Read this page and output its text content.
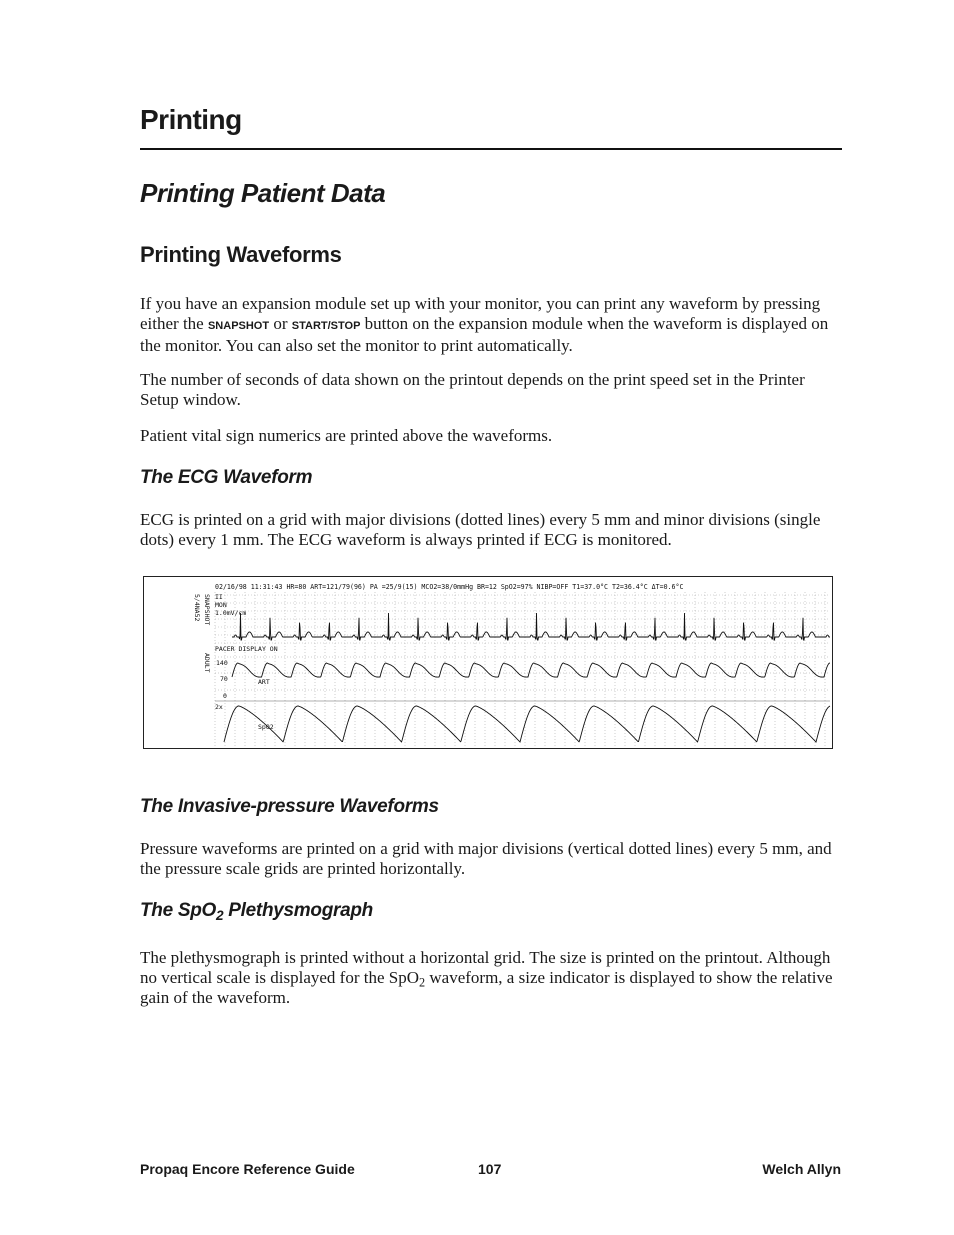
Printing
Printing Patient Data
Printing Waveforms
If you have an expansion module set up with your monitor, you can print any waveform by pressing either the SNAPSHOT or START/STOP button on the expansion module when the waveform is displayed on the monitor. You can also set the monitor to print automatically.
The number of seconds of data shown on the printout depends on the print speed set in the Printer Setup window.
Patient vital sign numerics are printed above the waveforms.
The ECG Waveform
ECG is printed on a grid with major divisions (dotted lines) every 5 mm and minor divisions (single dots) every 1 mm. The ECG waveform is always printed if ECG is monitored.
02/16/98 11:31:43 HR=80 ART=121/79(96) PA =25/9(15) MCO2=38/0mmHg BR=12 SpO2=97% NIBP=OFF T1=37.0°C T2=36.4°C ΔT=0.6°C
5/4NA52 SNAPSHOT
ADULT
II
MON
1.0mV/cm
PACER DISPLAY ON
140
70	ART
0
2x
SpO2
The Invasive-pressure Waveforms
Pressure waveforms are printed on a grid with major divisions (vertical dotted lines) every 5 mm, and the pressure scale grids are printed horizontally.
The SpO$_2$ Plethysmograph
The plethysmograph is printed without a horizontal grid. The size is printed on the printout. Although no vertical scale is displayed for the SpO$_2$ waveform, a size indicator is displayed to show the relative gain of the waveform.
Propaq Encore Reference Guide	107	Welch Allyn
